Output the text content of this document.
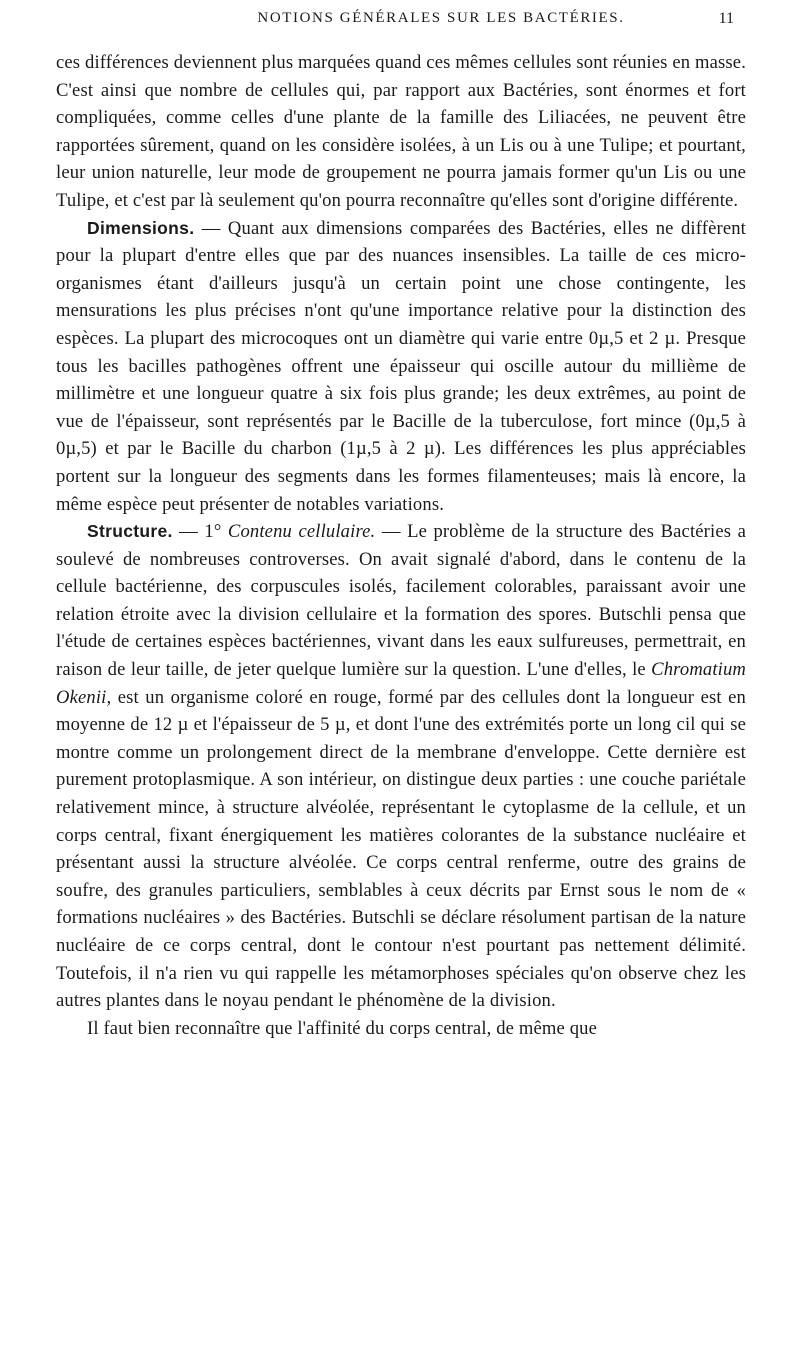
NOTIONS GÉNÉRALES SUR LES BACTÉRIES.	11

ces différences deviennent plus marquées quand ces mêmes cellules sont réunies en masse. C'est ainsi que nombre de cellules qui, par rapport aux Bactéries, sont énormes et fort compliquées, comme celles d'une plante de la famille des Liliacées, ne peuvent être rapportées sûrement, quand on les considère isolées, à un Lis ou à une Tulipe; et pourtant, leur union naturelle, leur mode de groupement ne pourra jamais former qu'un Lis ou une Tulipe, et c'est par là seulement qu'on pourra reconnaître qu'elles sont d'origine différente.

Dimensions. — Quant aux dimensions comparées des Bactéries, elles ne diffèrent pour la plupart d'entre elles que par des nuances insensibles. La taille de ces micro-organismes étant d'ailleurs jusqu'à un certain point une chose contingente, les mensurations les plus précises n'ont qu'une importance relative pour la distinction des espèces. La plupart des microcoques ont un diamètre qui varie entre 0µ,5 et 2 µ. Presque tous les bacilles pathogènes offrent une épaisseur qui oscille autour du millième de millimètre et une longueur quatre à six fois plus grande; les deux extrêmes, au point de vue de l'épaisseur, sont représentés par le Bacille de la tuberculose, fort mince (0µ,5 à 0µ,5) et par le Bacille du charbon (1µ,5 à 2 µ). Les différences les plus appréciables portent sur la longueur des segments dans les formes filamenteuses; mais là encore, la même espèce peut présenter de notables variations.

Structure. — 1° Contenu cellulaire. — Le problème de la structure des Bactéries a soulevé de nombreuses controverses. On avait signalé d'abord, dans le contenu de la cellule bactérienne, des corpuscules isolés, facilement colorables, paraissant avoir une relation étroite avec la division cellulaire et la formation des spores. Butschli pensa que l'étude de certaines espèces bactériennes, vivant dans les eaux sulfureuses, permettrait, en raison de leur taille, de jeter quelque lumière sur la question. L'une d'elles, le Chromatium Okenii, est un organisme coloré en rouge, formé par des cellules dont la longueur est en moyenne de 12 µ et l'épaisseur de 5 µ, et dont l'une des extrémités porte un long cil qui se montre comme un prolongement direct de la membrane d'enveloppe. Cette dernière est purement protoplasmique. A son intérieur, on distingue deux parties : une couche pariétale relativement mince, à structure alvéolée, représentant le cytoplasme de la cellule, et un corps central, fixant énergiquement les matières colorantes de la substance nucléaire et présentant aussi la structure alvéolée. Ce corps central renferme, outre des grains de soufre, des granules particuliers, semblables à ceux décrits par Ernst sous le nom de « formations nucléaires » des Bactéries. Butschli se déclare résolument partisan de la nature nucléaire de ce corps central, dont le contour n'est pourtant pas nettement délimité. Toutefois, il n'a rien vu qui rappelle les métamorphoses spéciales qu'on observe chez les autres plantes dans le noyau pendant le phénomène de la division.

Il faut bien reconnaître que l'affinité du corps central, de même que
